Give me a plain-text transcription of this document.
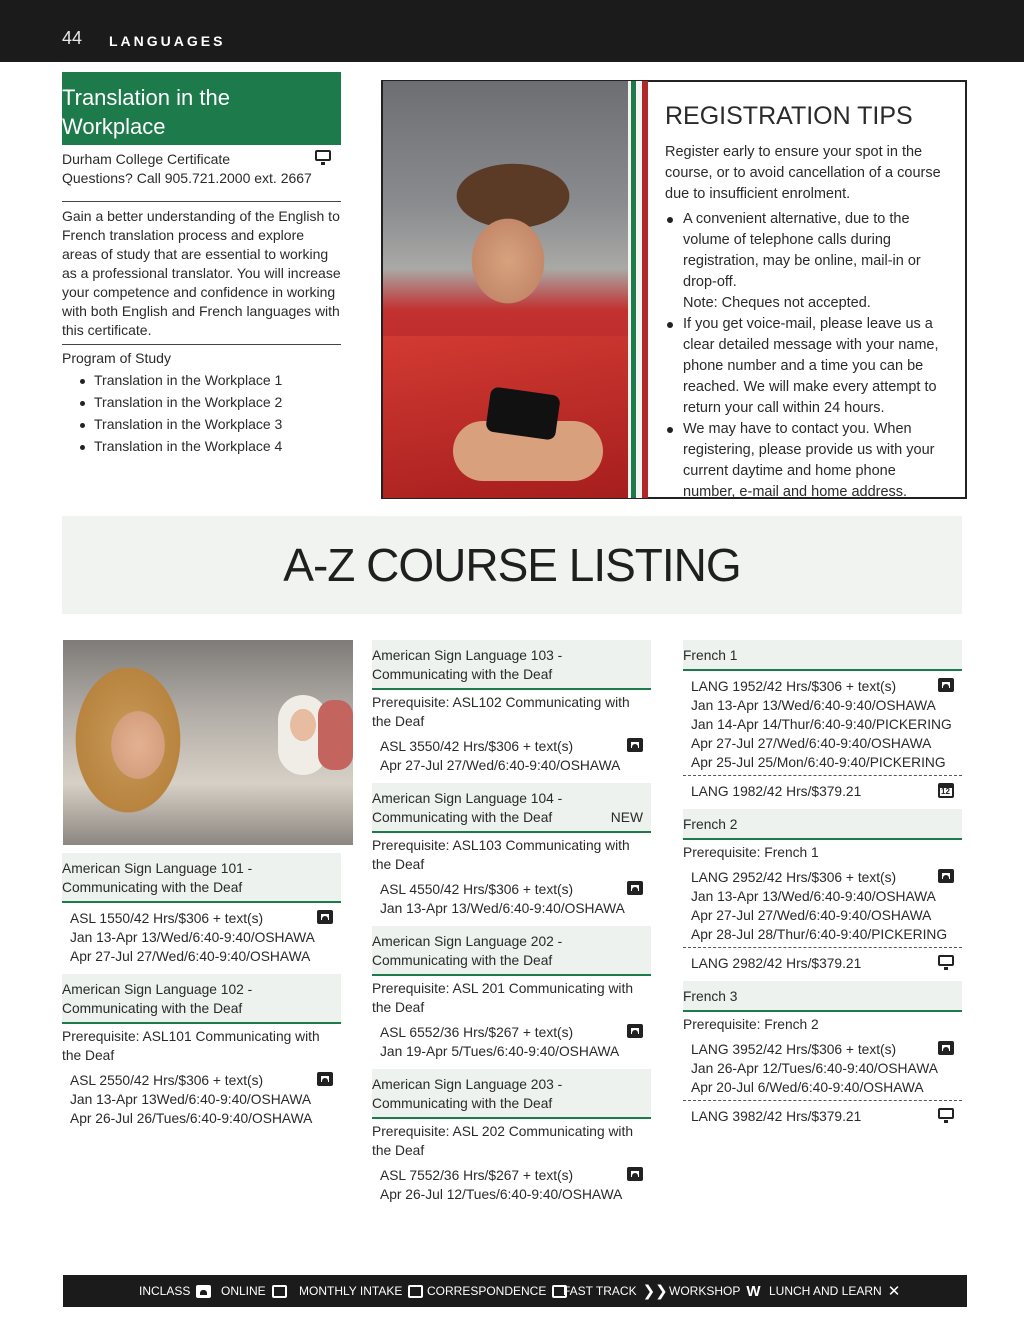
44 LANGUAGES
Translation in the
Workplace
Durham College Certificate
Questions? Call 905.721.2000 ext. 2667
Gain a better understanding of the English to French translation process and explore areas of study that are essential to working as a professional translator. You will increase your competence and confidence in working with both English and French languages with this certificate.
Program of Study
Translation in the Workplace 1
Translation in the Workplace 2
Translation in the Workplace 3
Translation in the Workplace 4
REGISTRATION TIPS

Register early to ensure your spot in the course, or to avoid cancellation of a course due to insufficient enrolment.

A convenient alternative, due to the volume of telephone calls during registration, may be online, mail-in or drop-off.
Note: Cheques not accepted.
If you get voice-mail, please leave us a clear detailed message with your name, phone number and a time you can be reached. We will make every attempt to return your call within 24 hours.
We may have to contact you. When registering, please provide us with your current daytime and home phone number, e-mail and home address.
A-Z COURSE LISTING
American Sign Language 101 -
Communicating with the Deaf
ASL 1550/42 Hrs/$306 + text(s)
Jan 13-Apr 13/Wed/6:40-9:40/OSHAWA
Apr 27-Jul 27/Wed/6:40-9:40/OSHAWA
American Sign Language 102 -
Communicating with the Deaf
Prerequisite: ASL101 Communicating with the Deaf
ASL 2550/42 Hrs/$306 + text(s)
Jan 13-Apr 13Wed/6:40-9:40/OSHAWA
Apr 26-Jul 26/Tues/6:40-9:40/OSHAWA
American Sign Language 103 -
Communicating with the Deaf
Prerequisite: ASL102 Communicating with the Deaf
ASL 3550/42 Hrs/$306 + text(s)
Apr 27-Jul 27/Wed/6:40-9:40/OSHAWA
American Sign Language 104 -
Communicating with the Deaf	NEW
Prerequisite: ASL103 Communicating with the Deaf
ASL 4550/42 Hrs/$306 + text(s)
Jan 13-Apr 13/Wed/6:40-9:40/OSHAWA
American Sign Language 202 -
Communicating with the Deaf
Prerequisite: ASL 201 Communicating with the Deaf
ASL 6552/36 Hrs/$267 + text(s)
Jan 19-Apr 5/Tues/6:40-9:40/OSHAWA
American Sign Language 203 -
Communicating with the Deaf
Prerequisite: ASL 202 Communicating with the Deaf
ASL 7552/36 Hrs/$267 + text(s)
Apr 26-Jul 12/Tues/6:40-9:40/OSHAWA
French 1
LANG 1952/42 Hrs/$306 + text(s)
Jan 13-Apr 13/Wed/6:40-9:40/OSHAWA
Jan 14-Apr 14/Thur/6:40-9:40/PICKERING
Apr 27-Jul 27/Wed/6:40-9:40/OSHAWA
Apr 25-Jul 25/Mon/6:40-9:40/PICKERING
LANG 1982/42 Hrs/$379.21
12
French 2
Prerequisite: French 1
LANG 2952/42 Hrs/$306 + text(s)
Jan 13-Apr 13/Wed/6:40-9:40/OSHAWA
Apr 27-Jul 27/Wed/6:40-9:40/OSHAWA
Apr 28-Jul 28/Thur/6:40-9:40/PICKERING
LANG 2982/42 Hrs/$379.21
French 3
Prerequisite: French 2
LANG 3952/42 Hrs/$306 + text(s)
Jan 26-Apr 12/Tues/6:40-9:40/OSHAWA
Apr 20-Jul 6/Wed/6:40-9:40/OSHAWA
LANG 3982/42 Hrs/$379.21
INCLASS	ONLINE	MONTHLY INTAKE CORRESPONDENCE FAST TRACK ❯❯ WORKSHOP W LUNCH AND LEARN ✕
